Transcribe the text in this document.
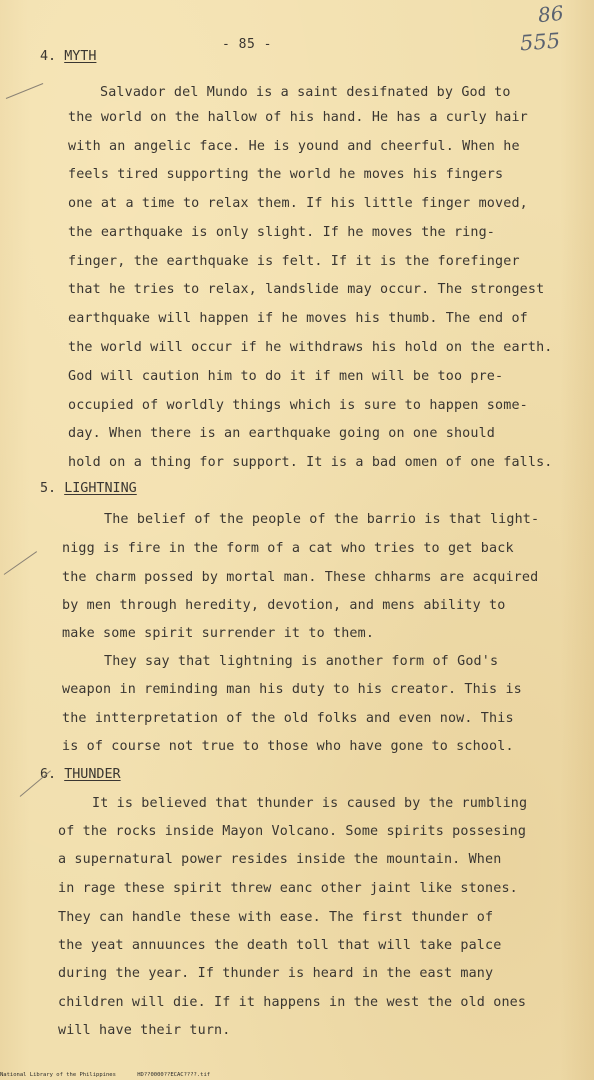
86
555
- 85 -
4. MYTH
Salvador del Mundo is a saint desifnated by God to
the world on the hallow of his hand. He has a curly hair
with an angelic face. He is yound and cheerful. When he
feels tired supporting the world he moves his fingers
one at a time to relax them. If his little finger moved,
the earthquake is only slight. If he moves the ring-
finger, the earthquake is felt. If it is the forefinger
that he tries to relax, landslide may occur. The strongest
earthquake will happen if he moves his thumb. The end of
the world will occur if he withdraws his hold on the earth.
God will caution him to do it if men will be too pre-
occupied of worldly things which is sure to happen some-
day. When there is an earthquake going on one should
hold on a thing for support. It is a bad omen of one falls.
5. LIGHTNING
The belief of the people of the barrio is that light-
nigg is fire in the form of a cat who tries to get back
the charm possed by mortal man. These chharms are acquired
by men through heredity, devotion, and mens ability to
make some spirit surrender it to them.
They say that lightning is another form of God's
weapon in reminding man his duty to his creator. This is
the intterpretation of the old folks and even now. This
is of course not true to those who have gone to school.
6. THUNDER
It is believed that thunder is caused by the rumbling
of the rocks inside Mayon Volcano. Some spirits possesing
a supernatural power resides inside the mountain. When
in rage these spirit threw eanc other jaint like stones.
They can handle these with ease. The first thunder of
the yeat annuunces the death toll that will take palce
during the year. If thunder is heard in the east many
children will die. If it happens in the west the old ones
will have their turn.
National Library of the Philippines	HD??0000??ECAC????.tif
